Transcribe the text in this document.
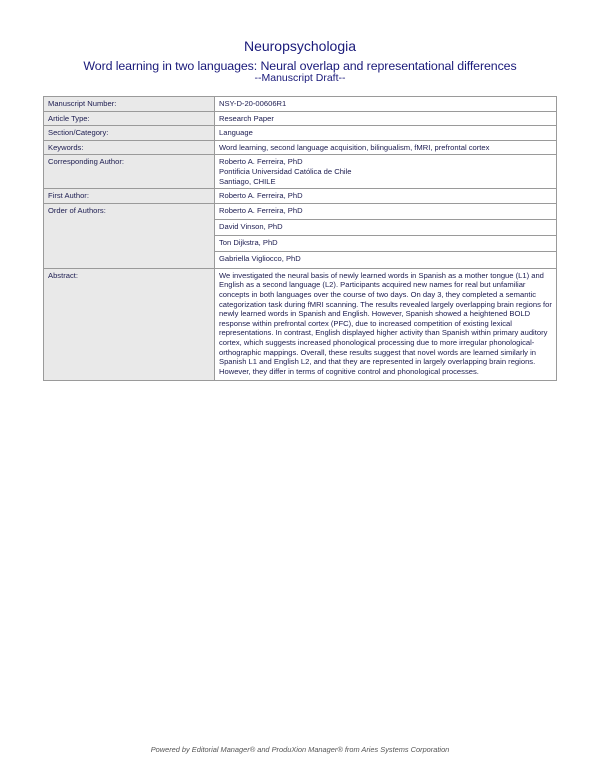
Neuropsychologia
Word learning in two languages: Neural overlap and representational differences
--Manuscript Draft--
Manuscript Number:	NSY-D-20-00606R1
Article Type:	Research Paper
Section/Category:	Language
Keywords:	Word learning, second language acquisition, bilingualism, fMRI, prefrontal cortex
Corresponding Author:	Roberto A. Ferreira, PhD
Pontificia Universidad Católica de Chile
Santiago, CHILE

First Author:	Roberto A. Ferreira, PhD
Order of Authors:	Roberto A. Ferreira, PhD
David Vinson, PhD
Ton Dijkstra, PhD
Gabriella Vigliocco, PhD

Abstract:	We investigated the neural basis of newly learned words in Spanish as a mother tongue (L1) and English as a second language (L2). Participants acquired new names for real but unfamiliar concepts in both languages over the course of two days. On day 3, they completed a semantic categorization task during fMRI scanning. The results revealed largely overlapping brain regions for newly learned words in Spanish and English. However, Spanish showed a heightened BOLD response within prefrontal cortex (PFC), due to increased competition of existing lexical representations. In contrast, English displayed higher activity than Spanish within primary auditory cortex, which suggests increased phonological processing due to more irregular phonological-orthographic mappings. Overall, these results suggest that novel words are learned similarly in Spanish L1 and English L2, and that they are represented in largely overlapping brain regions. However, they differ in terms of cognitive control and phonological processes.
Powered by Editorial Manager® and ProduXion Manager® from Aries Systems Corporation
